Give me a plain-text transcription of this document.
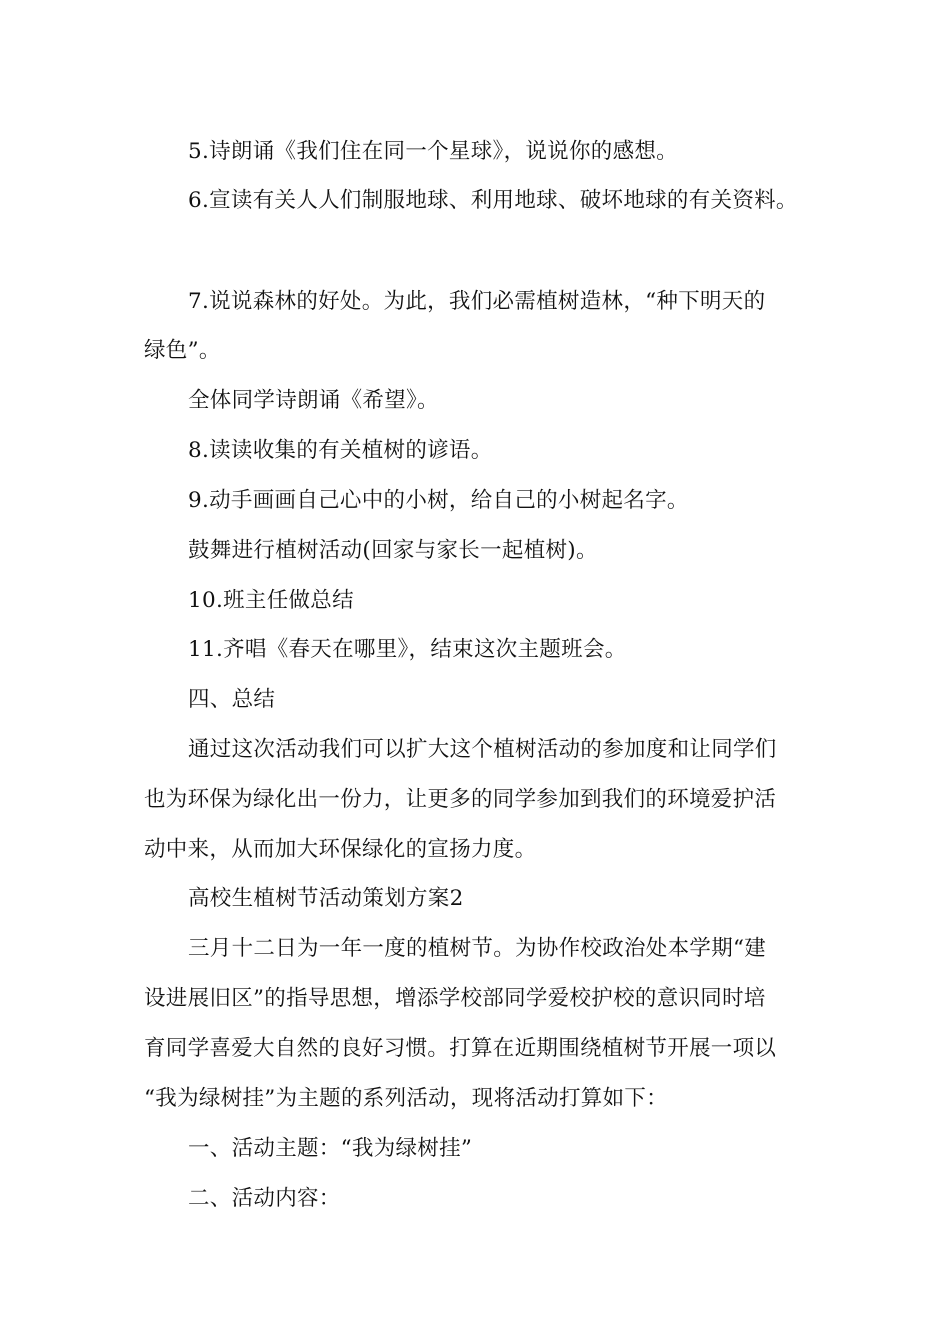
5.诗朗诵《我们住在同一个星球》，说说你的感想。
6.宣读有关人人们制服地球、利用地球、破坏地球的有关资料。
7.说说森林的好处。为此，我们必需植树造林，“种下明天的
绿色”。
全体同学诗朗诵《希望》。
8.读读收集的有关植树的谚语。
9.动手画画自己心中的小树，给自己的小树起名字。
鼓舞进行植树活动(回家与家长一起植树)。
10.班主任做总结
11.齐唱《春天在哪里》，结束这次主题班会。
四、总结
通过这次活动我们可以扩大这个植树活动的参加度和让同学们
也为环保为绿化出一份力，让更多的同学参加到我们的环境爱护活
动中来，从而加大环保绿化的宣扬力度。
高校生植树节活动策划方案2
三月十二日为一年一度的植树节。为协作校政治处本学期“建
设进展旧区”的指导思想，增添学校部同学爱校护校的意识同时培
育同学喜爱大自然的良好习惯。打算在近期围绕植树节开展一项以
“我为绿树挂”为主题的系列活动，现将活动打算如下：
一、活动主题：“我为绿树挂”
二、活动内容：
